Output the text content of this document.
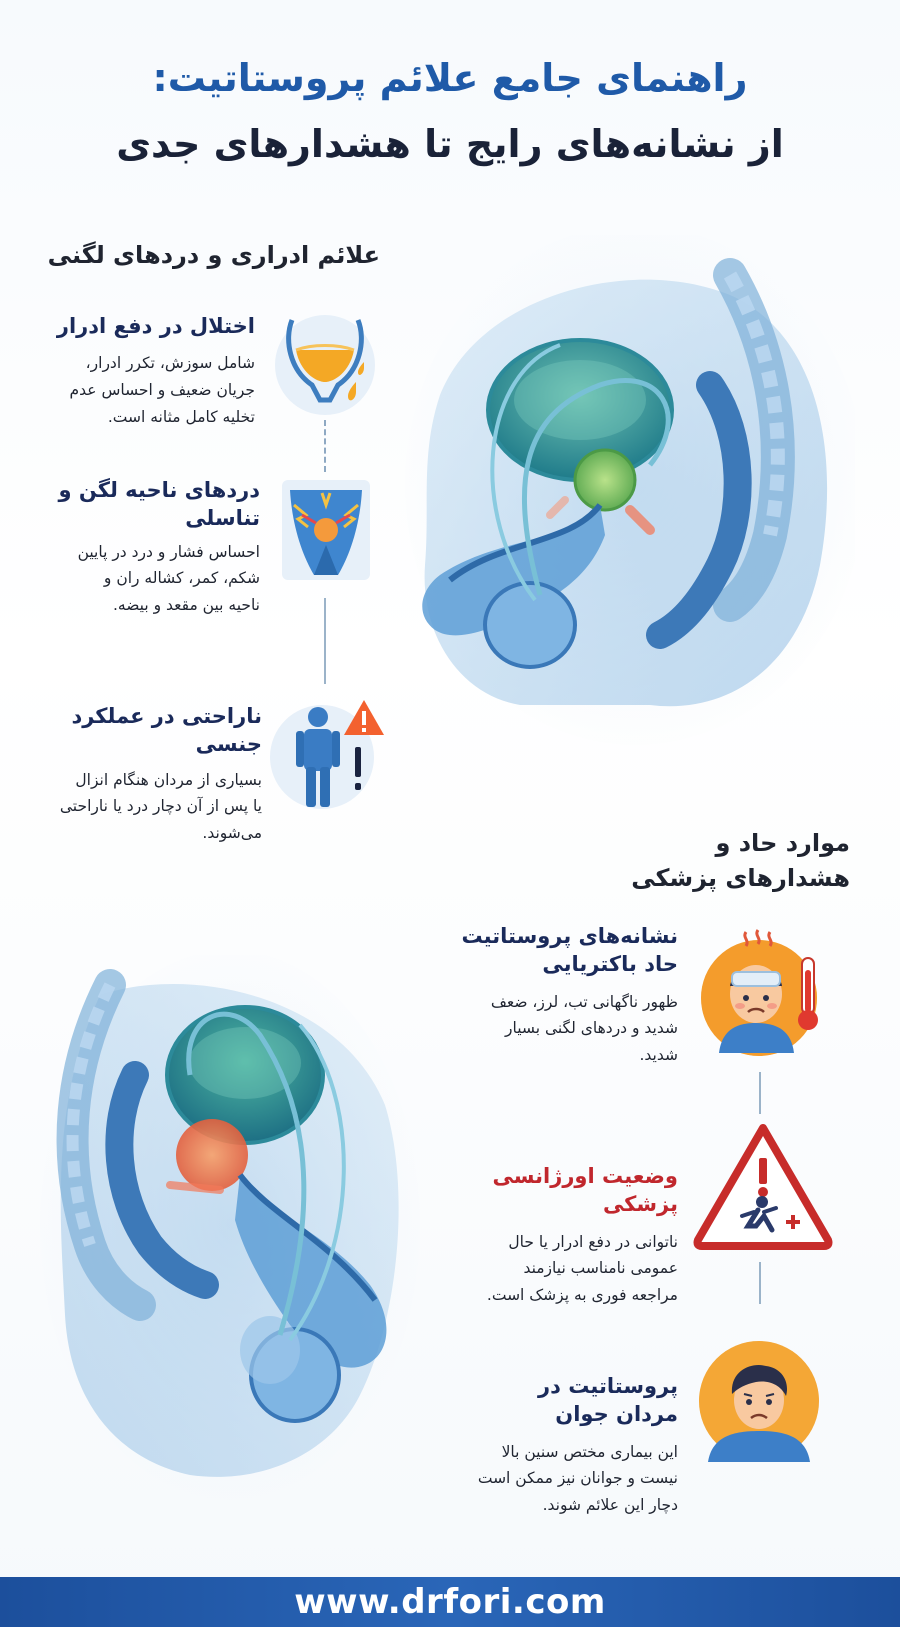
راهنمای جامع علائم پروستاتیت:
از نشانه‌های رایج تا هشدارهای جدی
علائم ادراری و دردهای لگنی
اختلال در دفع ادرار
شامل سوزش، تکرر ادرار،
جریان ضعیف و احساس عدم
تخلیه کامل مثانه است.
دردهای ناحیه لگن و
تناسلی
احساس فشار و درد در پایین
شکم، کمر، کشاله ران و
ناحیه بین مقعد و بیضه.
ناراحتی در عملکرد
جنسی
بسیاری از مردان هنگام انزال
یا پس از آن دچار درد یا ناراحتی
می‌شوند.	موارد حاد و
هشدارهای پزشکی
نشانه‌های پروستاتیت
حاد باکتریایی
ظهور ناگهانی تب، لرز، ضعف
شدید و دردهای لگنی بسیار
شدید.
وضعیت اورژانسی
پزشکی
ناتوانی در دفع ادرار یا حال
عمومی نامناسب نیازمند
مراجعه فوری به پزشک است.
پروستاتیت در
مردان جوان
این بیماری مختص سنین بالا
نیست و جوانان نیز ممکن است
دچار این علائم شوند.
www.drfori.com
